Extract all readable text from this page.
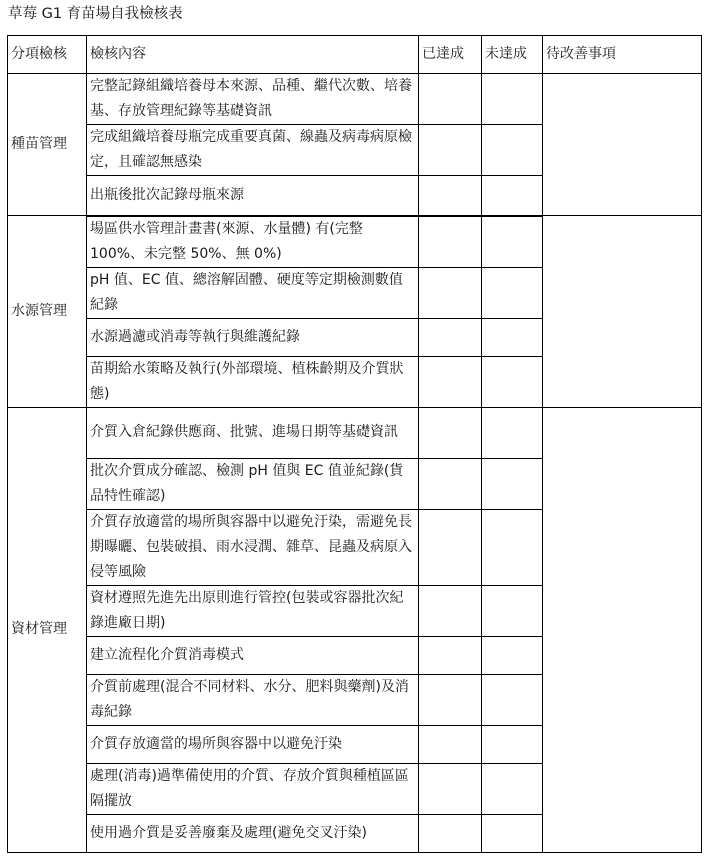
草莓 G1 育苗場自我檢核表
分項檢核	檢核內容	已達成	未達成	待改善事項
種苗管理	完整記錄組織培養母本來源、品種、繼代次數、培養基、存放管理紀錄等基礎資訊			
	完成組織培養母瓶完成重要真菌、線蟲及病毒病原檢定，且確認無感染			
	出瓶後批次記錄母瓶來源			
水源管理	場區供水管理計畫書(來源、水量體) 有(完整100%、未完整 50%、無 0%)			
	pH 值、EC 值、總溶解固體、硬度等定期檢測數值紀錄			
	水源過濾或消毒等執行與維護紀錄			
	苗期給水策略及執行(外部環境、植株齡期及介質狀態)			
資材管理	介質入倉紀錄供應商、批號、進場日期等基礎資訊			
	批次介質成分確認、檢測 pH 值與 EC 值並紀錄(貨品特性確認)			
	介質存放適當的場所與容器中以避免汙染，需避免長期曝曬、包裝破損、雨水浸潤、雜草、昆蟲及病原入侵等風險			
	資材遵照先進先出原則進行管控(包裝或容器批次紀錄進廠日期)			
	建立流程化介質消毒模式			
	介質前處理(混合不同材料、水分、肥料與藥劑)及消毒紀錄			
	介質存放適當的場所與容器中以避免汙染			
	處理(消毒)過準備使用的介質、存放介質與種植區區隔擺放			
	使用過介質是妥善廢棄及處理(避免交叉汙染)			
